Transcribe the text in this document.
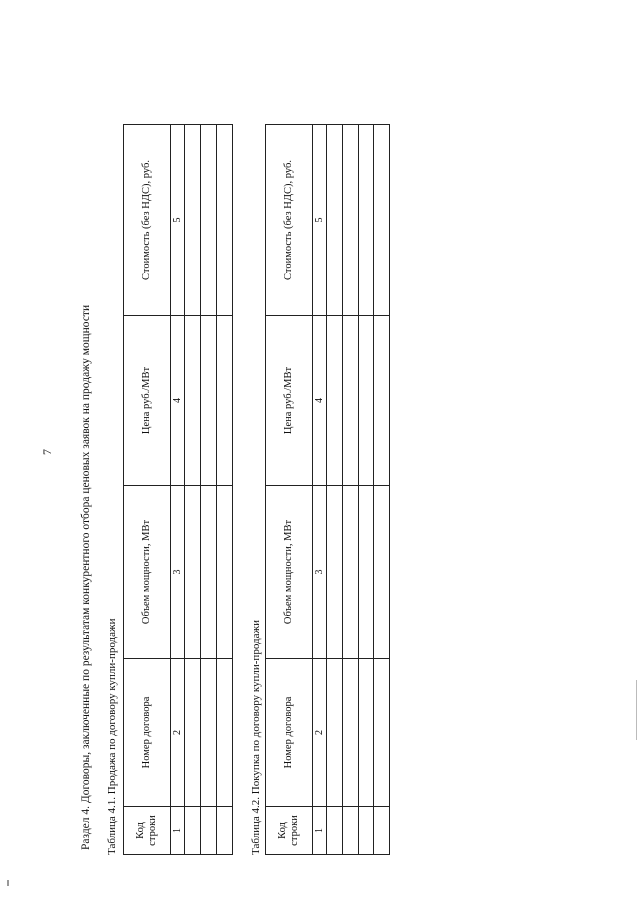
7 Раздел 4. Договоры, заключенные по результатам конкурентного отбора ценовых заявок на продажу мощности Таблица 4.1. Продажа по договору купли-продажи Код строки	Номер договора	Объем мощности, МВт	Цена руб./МВт	Стоимость (без НДС), руб.
1	2	3	4	5

Таблица 4.2. Покупка по договору купли-продажи Код строки	Номер договора	Объем мощности, МВт	Цена руб./МВт	Стоимость (без НДС), руб.
1	2	3	4	5
